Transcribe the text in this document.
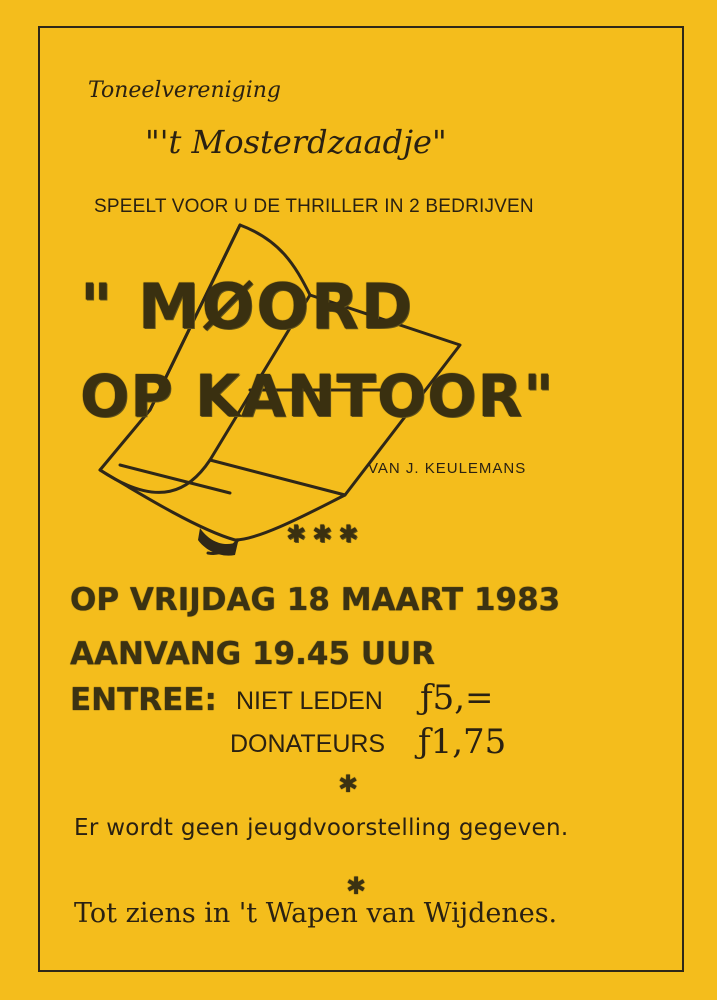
Toneelvereniging
"'t Mosterdzaadje"
SPEELT VOOR U DE THRILLER IN 2 BEDRIJVEN
" MØORD
OP KANTOOR"
VAN J. KEULEMANS
✱✱✱
OP VRIJDAG 18 MAART 1983
AANVANG 19.45 UUR
ENTREE: NIET LEDEN ƒ5,=
DONATEURS ƒ1,75
✱
Er wordt geen jeugdvoorstelling gegeven.
✱
Tot ziens in 't Wapen van Wijdenes.
